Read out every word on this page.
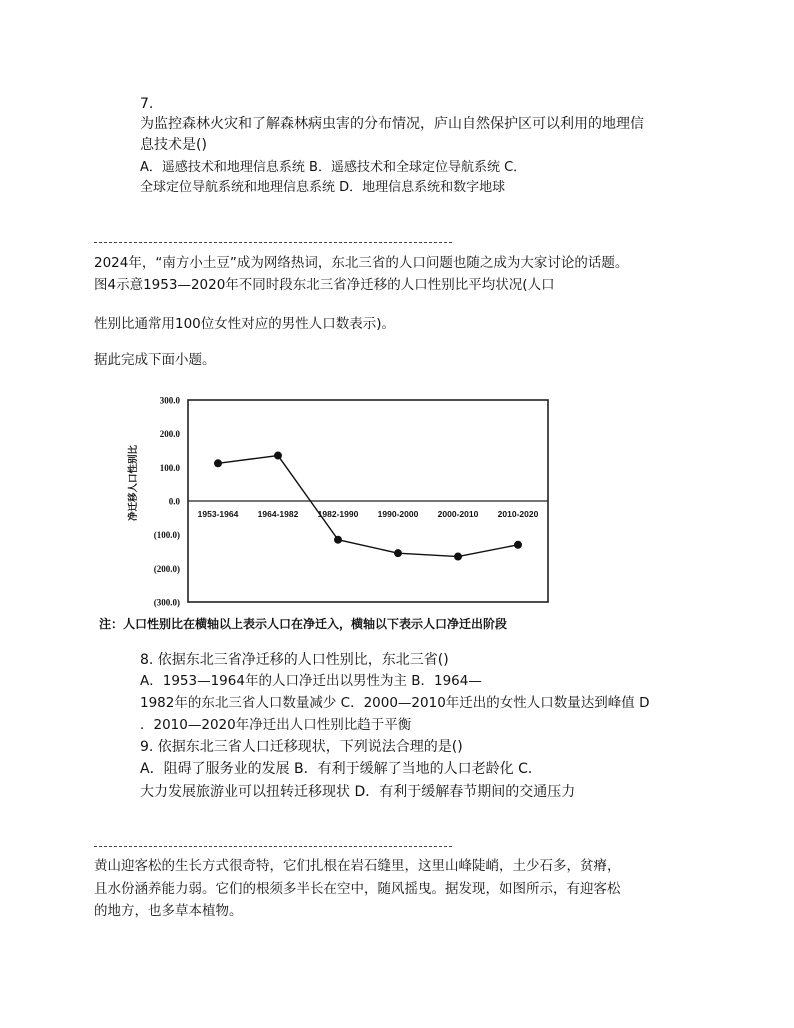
7.
为监控森林火灾和了解森林病虫害的分布情况，庐山自然保护区可以利用的地理信
息技术是()
A．遥感技术和地理信息系统 B．遥感技术和全球定位导航系统 C．
全球定位导航系统和地理信息系统 D．地理信息系统和数字地球
2024年，“南方小土豆”成为网络热词，东北三省的人口问题也随之成为大家讨论的话题。
图4示意1953—2020年不同时段东北三省净迁移的人口性别比平均状况(人口
性别比通常用100位女性对应的男性人口数表示)。
据此完成下面小题。
300.0
200.0
100.0
0.0
(100.0)
(200.0)
(300.0)
净迁移人口性别比	1953-1964 1964-1982 1982-1990 1990-2000 2000-2010 2010-2020
注：人口性别比在横轴以上表示人口在净迁入，横轴以下表示人口净迁出阶段
8. 依据东北三省净迁移的人口性别比，东北三省()
A．1953—1964年的人口净迁出以男性为主 B．1964—
1982年的东北三省人口数量减少 C．2000—2010年迁出的女性人口数量达到峰值 D
．2010—2020年净迁出人口性别比趋于平衡
9. 依据东北三省人口迁移现状，下列说法合理的是()
A．阻碍了服务业的发展 B．有利于缓解了当地的人口老龄化 C．
大力发展旅游业可以扭转迁移现状 D．有利于缓解春节期间的交通压力
黄山迎客松的生长方式很奇特，它们扎根在岩石缝里，这里山峰陡峭，土少石多，贫瘠，
且水份涵养能力弱。它们的根须多半长在空中，随风摇曳。据发现，如图所示，有迎客松
的地方，也多草本植物。
